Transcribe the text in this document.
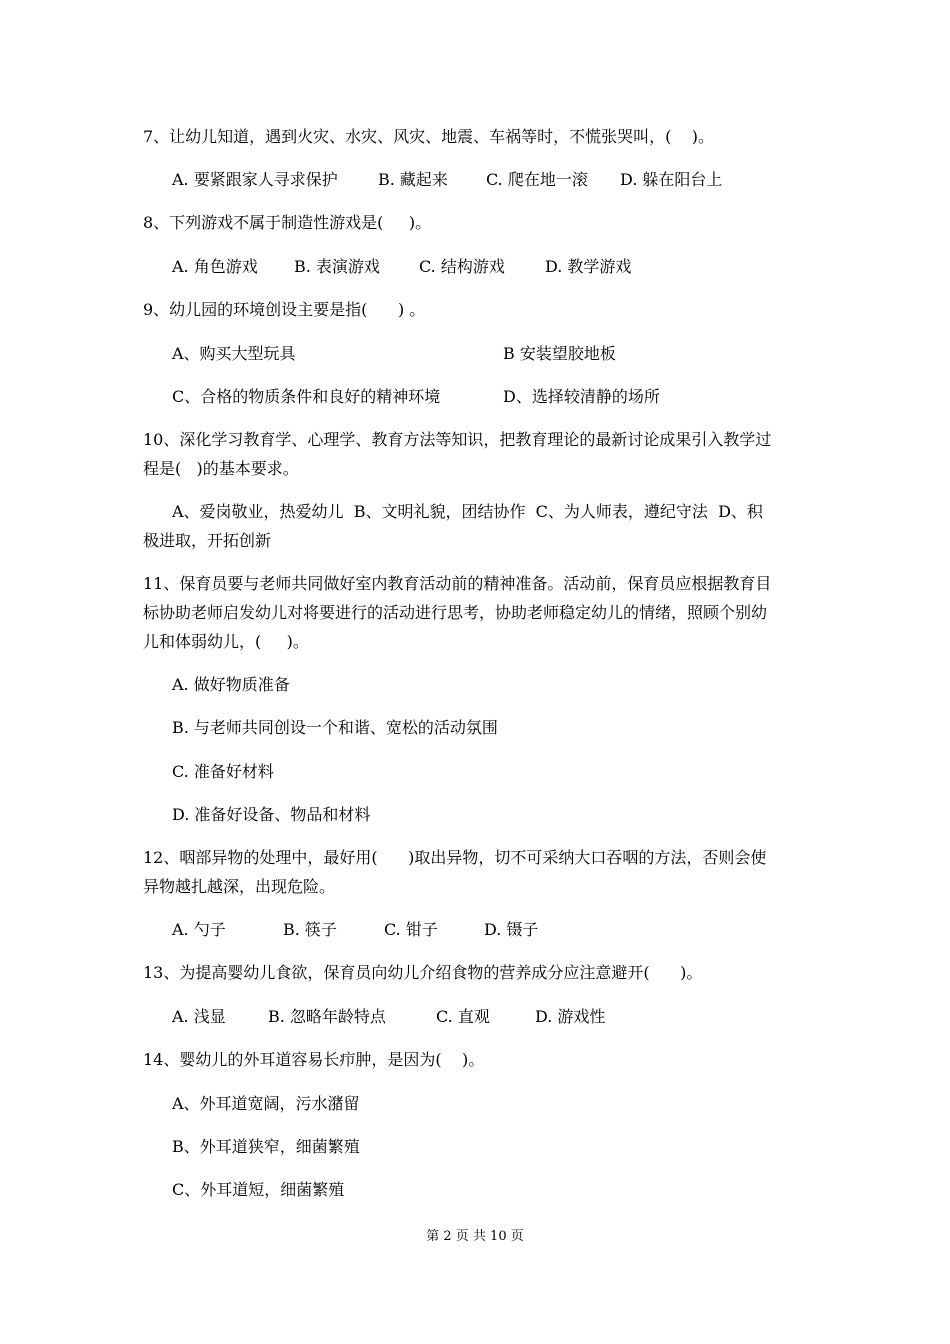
7、让幼儿知道，遇到火灾、水灾、风灾、地震、车祸等时，不慌张哭叫，(    )。
A. 要紧跟家人寻求保护	B. 藏起来 C. 爬在地一滚 D. 躲在阳台上
8、下列游戏不属于制造性游戏是(     )。
A. 角色游戏 B. 表演游戏 C. 结构游戏	D. 教学游戏
9、幼儿园的环境创设主要是指(      ) 。
A、购买大型玩具	B 安装望胶地板
C、合格的物质条件和良好的精神环境	D、选择较清静的场所
10、深化学习教育学、心理学、教育方法等知识，把教育理论的最新讨论成果引入教学过
程是(   )的基本要求。
A、爱岗敬业，热爱幼儿  B、文明礼貌，团结协作  C、为人师表，遵纪守法  D、积
极进取，开拓创新
11、保育员要与老师共同做好室内教育活动前的精神准备。活动前，保育员应根据教育目
标协助老师启发幼儿对将要进行的活动进行思考，协助老师稳定幼儿的情绪，照顾个别幼
儿和体弱幼儿，(     )。
A. 做好物质准备
B. 与老师共同创设一个和谐、宽松的活动氛围
C. 准备好材料
D. 准备好设备、物品和材料
12、咽部异物的处理中，最好用(      )取出异物，切不可采纳大口吞咽的方法，否则会使
异物越扎越深，出现危险。
A. 勺子	B. 筷子	C. 钳子	D. 镊子
13、为提高婴幼儿食欲，保育员向幼儿介绍食物的营养成分应注意避开(      )。
A. 浅显	B. 忽略年龄特点	C. 直观	D. 游戏性
14、婴幼儿的外耳道容易长疖肿，是因为(    )。
A、外耳道宽阔，污水潴留
B、外耳道狭窄，细菌繁殖
C、外耳道短，细菌繁殖
第 2 页 共 10 页
